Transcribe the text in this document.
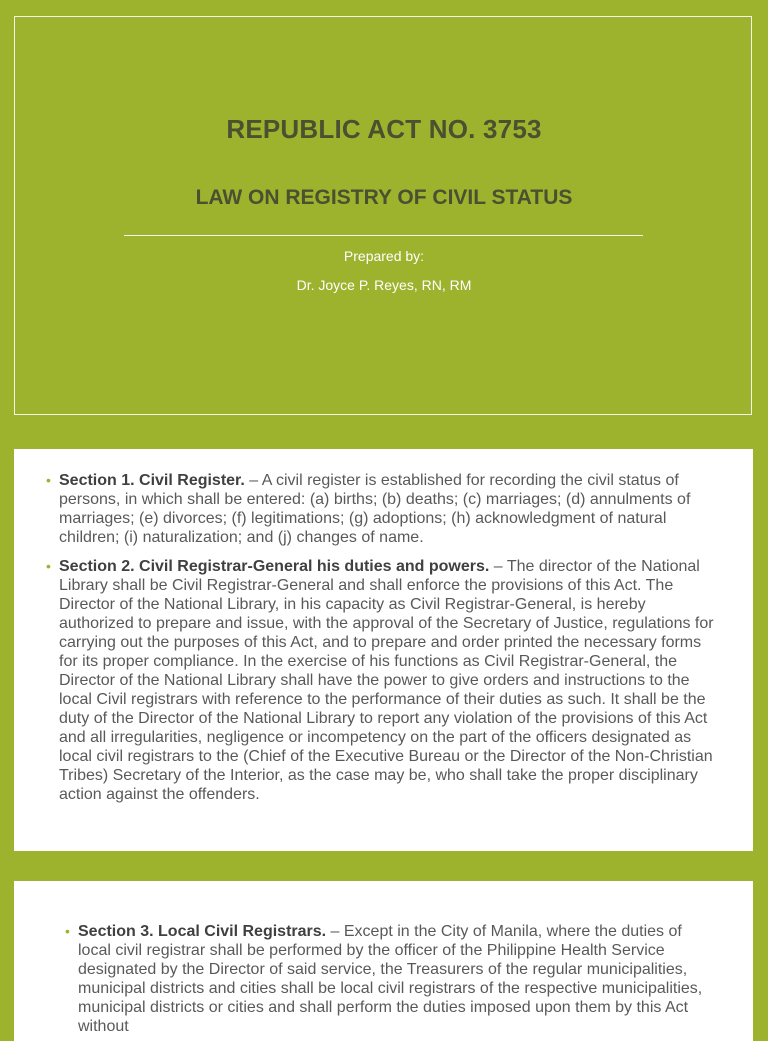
REPUBLIC ACT NO. 3753
LAW ON REGISTRY OF CIVIL STATUS
Prepared by:
Dr. Joyce P. Reyes, RN, RM
• Section 1. Civil Register. – A civil register is established for recording the civil status of persons, in which shall be entered: (a) births; (b) deaths; (c) marriages; (d) annulments of marriages; (e) divorces; (f) legitimations; (g) adoptions; (h) acknowledgment of natural children; (i) naturalization; and (j) changes of name.
• Section 2. Civil Registrar-General his duties and powers. – The director of the National Library shall be Civil Registrar-General and shall enforce the provisions of this Act. The Director of the National Library, in his capacity as Civil Registrar-General, is hereby authorized to prepare and issue, with the approval of the Secretary of Justice, regulations for carrying out the purposes of this Act, and to prepare and order printed the necessary forms for its proper compliance. In the exercise of his functions as Civil Registrar-General, the Director of the National Library shall have the power to give orders and instructions to the local Civil registrars with reference to the performance of their duties as such. It shall be the duty of the Director of the National Library to report any violation of the provisions of this Act and all irregularities, negligence or incompetency on the part of the officers designated as local civil registrars to the (Chief of the Executive Bureau or the Director of the Non-Christian Tribes) Secretary of the Interior, as the case may be, who shall take the proper disciplinary action against the offenders.
• Section 3. Local Civil Registrars. – Except in the City of Manila, where the duties of local civil registrar shall be performed by the officer of the Philippine Health Service designated by the Director of said service, the Treasurers of the regular municipalities, municipal districts and cities shall be local civil registrars of the respective municipalities, municipal districts or cities and shall perform the duties imposed upon them by this Act without
